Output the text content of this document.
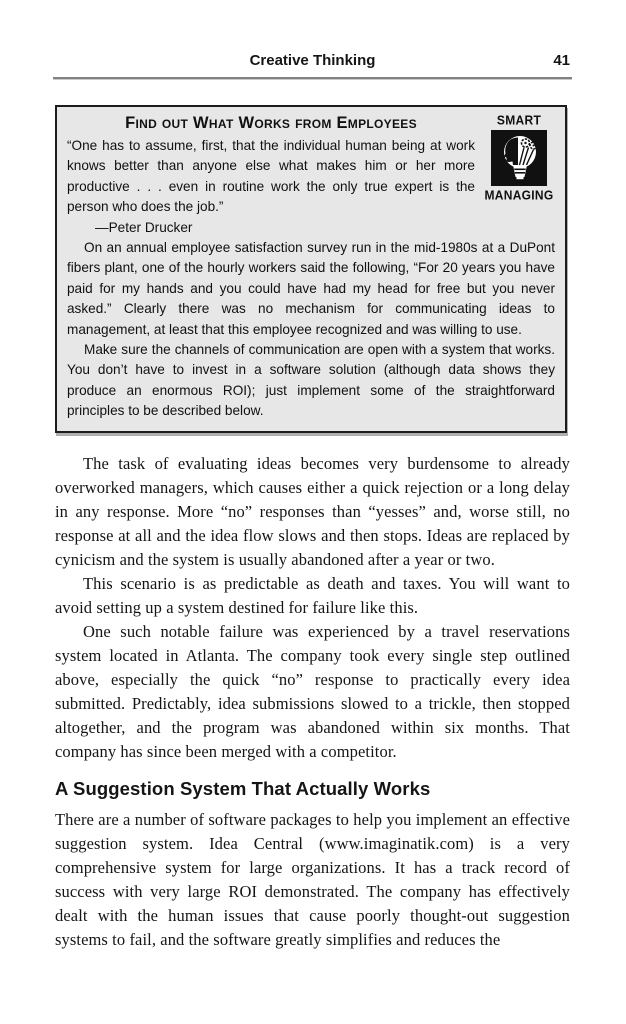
Creative Thinking	41
SMART
MANAGING
Find out What Works from Employees

“One has to assume, first, that the individual human being at work knows better than anyone else what makes him or her more productive . . . even in routine work the only true expert is the person who does the job.”

—Peter Drucker

On an annual employee satisfaction survey run in the mid-1980s at a DuPont fibers plant, one of the hourly workers said the following, “For 20 years you have paid for my hands and you could have had my head for free but you never asked.” Clearly there was no mechanism for communicating ideas to management, at least that this employee recognized and was willing to use.

Make sure the channels of communication are open with a system that works. You don’t have to invest in a software solution (although data shows they produce an enormous ROI); just implement some of the straightforward principles to be described below.

The task of evaluating ideas becomes very burdensome to already overworked managers, which causes either a quick rejection or a long delay in any response. More “no” responses than “yesses” and, worse still, no response at all and the idea flow slows and then stops. Ideas are replaced by cynicism and the system is usually abandoned after a year or two.

This scenario is as predictable as death and taxes. You will want to avoid setting up a system destined for failure like this.

One such notable failure was experienced by a travel reservations system located in Atlanta. The company took every single step outlined above, especially the quick “no” response to practically every idea submitted. Predictably, idea submissions slowed to a trickle, then stopped altogether, and the program was abandoned within six months. That company has since been merged with a competitor.

A Suggestion System That Actually Works

There are a number of software packages to help you implement an effective suggestion system. Idea Central (www.imaginatik.com) is a very comprehensive system for large organizations. It has a track record of success with very large ROI demonstrated. The company has effectively dealt with the human issues that cause poorly thought-out suggestion systems to fail, and the software greatly simplifies and reduces the
